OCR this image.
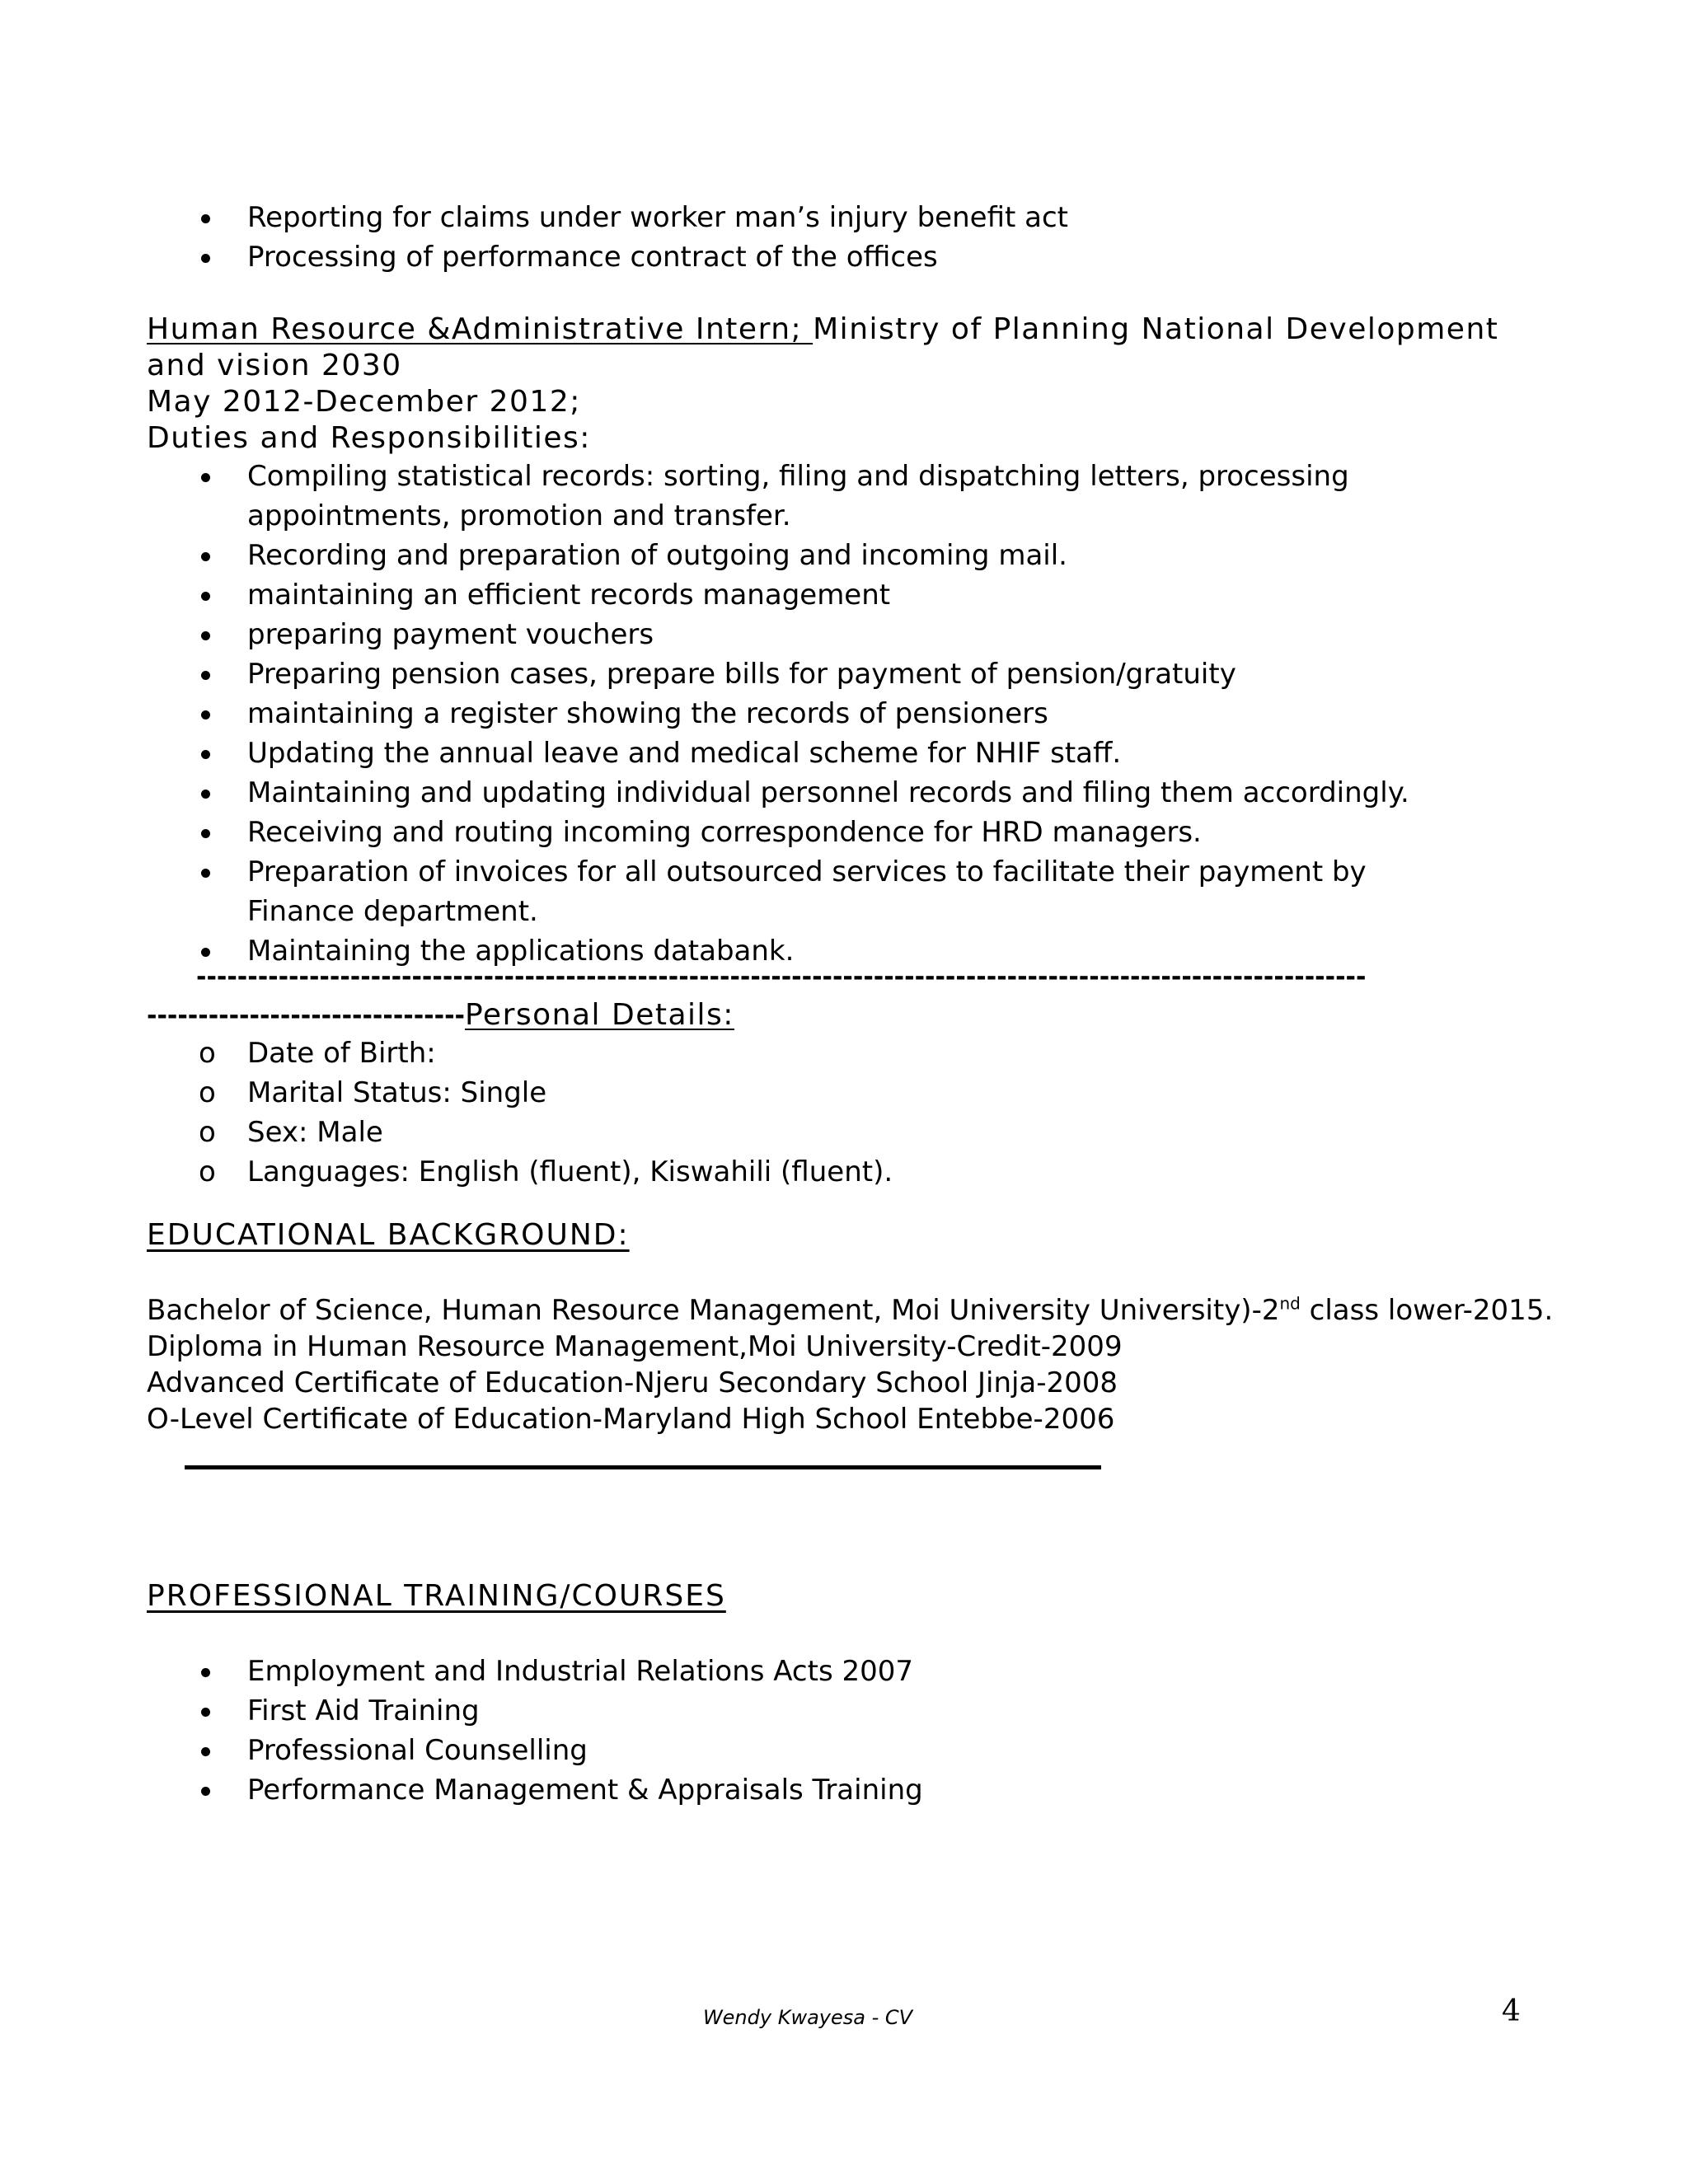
Reporting for claims under worker man’s injury benefit act
Processing of performance contract of the offices
Human Resource &Administrative Intern; Ministry of Planning National Development and vision 2030
May 2012-December 2012;
Duties and Responsibilities:
Compiling statistical records: sorting, filing and dispatching letters, processing appointments, promotion and transfer.
Recording and preparation of outgoing and incoming mail.
maintaining an efficient records management
preparing payment vouchers
Preparing pension cases, prepare bills for payment of pension/gratuity
maintaining a register showing the records of pensioners
Updating the annual leave and medical scheme for NHIF staff.
Maintaining and updating individual personnel records and filing them accordingly.
Receiving and routing incoming correspondence for HRD managers.
Preparation of invoices for all outsourced services to facilitate their payment by Finance department.
Maintaining the applications databank.
------------------------------------------------------------------------------------------------------------------
-------------------------------Personal Details:
o Date of Birth:
o Marital Status: Single
o Sex: Male
o Languages: English (fluent), Kiswahili (fluent).
EDUCATIONAL BACKGROUND:
Bachelor of Science, Human Resource Management, Moi University University)-2nd class lower-2015.
Diploma in Human Resource Management,Moi University-Credit-2009
Advanced Certificate of Education-Njeru Secondary School Jinja-2008
O-Level Certificate of Education-Maryland High School Entebbe-2006
PROFESSIONAL TRAINING/COURSES
Employment and Industrial Relations Acts 2007
First Aid Training
Professional Counselling
Performance Management & Appraisals Training
Wendy Kwayesa - CV	4
